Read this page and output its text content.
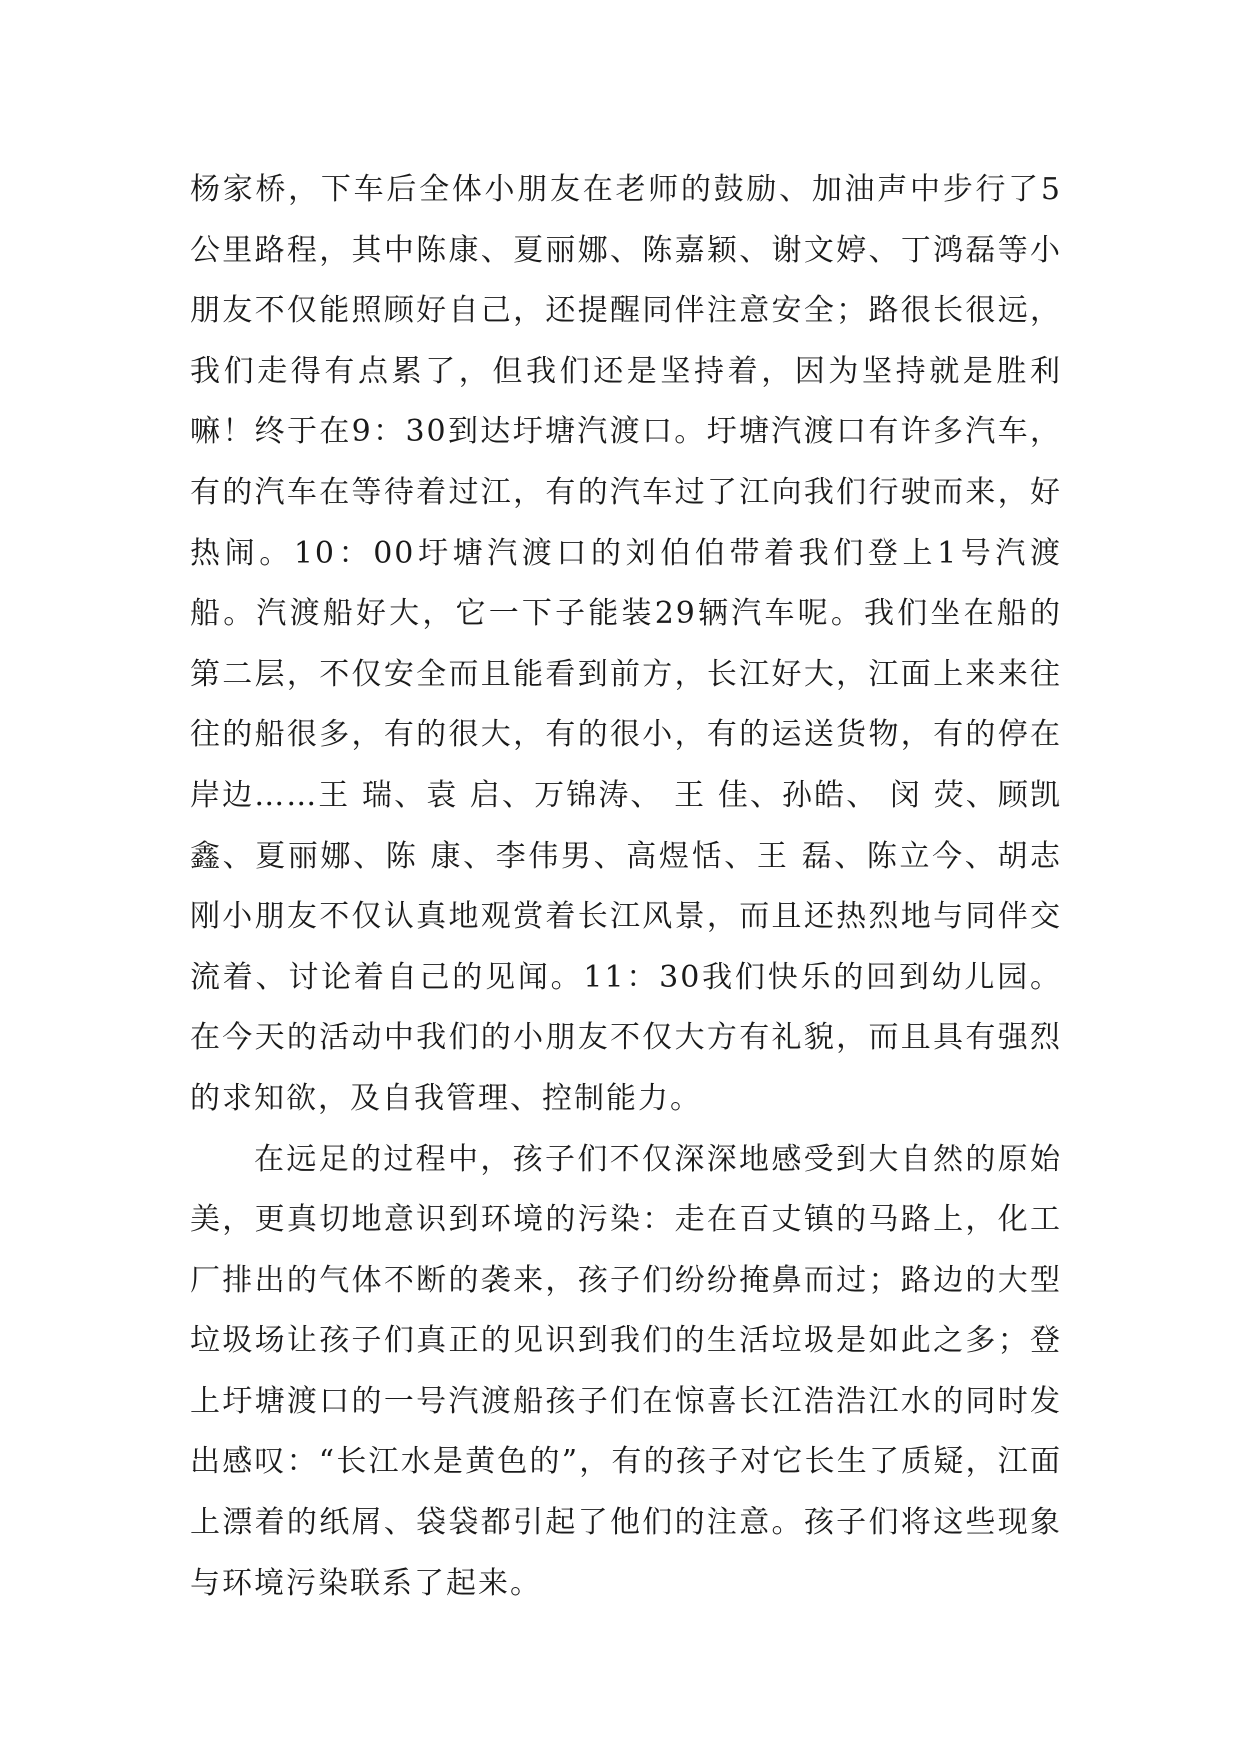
杨家桥，下车后全体小朋友在老师的鼓励、加油声中步行了5公里路程，其中陈康、夏丽娜、陈嘉颖、谢文婷、丁鸿磊等小朋友不仅能照顾好自己，还提醒同伴注意安全；路很长很远，我们走得有点累了，但我们还是坚持着，因为坚持就是胜利嘛！终于在9：30到达圩塘汽渡口。圩塘汽渡口有许多汽车，有的汽车在等待着过江，有的汽车过了江向我们行驶而来，好热闹。10：00圩塘汽渡口的刘伯伯带着我们登上1号汽渡船。汽渡船好大，它一下子能装29辆汽车呢。我们坐在船的第二层，不仅安全而且能看到前方，长江好大，江面上来来往往的船很多，有的很大，有的很小，有的运送货物，有的停在岸边……王 瑞、袁 启、万锦涛、 王 佳、孙皓、 闵 荧、顾凯鑫、夏丽娜、陈 康、李伟男、高煜恬、王 磊、陈立今、胡志刚小朋友不仅认真地观赏着长江风景，而且还热烈地与同伴交流着、讨论着自己的见闻。11：30我们快乐的回到幼儿园。在今天的活动中我们的小朋友不仅大方有礼貌，而且具有强烈的求知欲，及自我管理、控制能力。

在远足的过程中，孩子们不仅深深地感受到大自然的原始美，更真切地意识到环境的污染：走在百丈镇的马路上，化工厂排出的气体不断的袭来，孩子们纷纷掩鼻而过；路边的大型垃圾场让孩子们真正的见识到我们的生活垃圾是如此之多；登上圩塘渡口的一号汽渡船孩子们在惊喜长江浩浩江水的同时发出感叹：“长江水是黄色的”，有的孩子对它长生了质疑，江面上漂着的纸屑、袋袋都引起了他们的注意。孩子们将这些现象与环境污染联系了起来。
